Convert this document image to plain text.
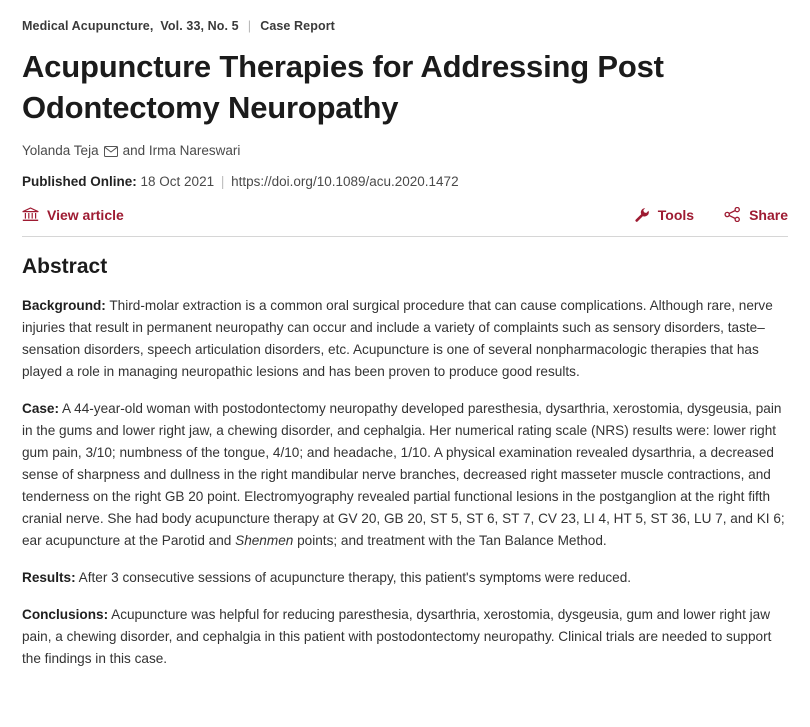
Medical Acupuncture, Vol. 33, No. 5 | Case Report
Acupuncture Therapies for Addressing Post Odontectomy Neuropathy
Yolanda Teja and Irma Nareswari
Published Online: 18 Oct 2021 | https://doi.org/10.1089/acu.2020.1472
View article	Tools	Share
Abstract

Background: Third-molar extraction is a common oral surgical procedure that can cause complications. Although rare, nerve injuries that result in permanent neuropathy can occur and include a variety of complaints such as sensory disorders, taste–sensation disorders, speech articulation disorders, etc. Acupuncture is one of several nonpharmacologic therapies that has played a role in managing neuropathic lesions and has been proven to produce good results.

Case: A 44-year-old woman with postodontectomy neuropathy developed paresthesia, dysarthria, xerostomia, dysgeusia, pain in the gums and lower right jaw, a chewing disorder, and cephalgia. Her numerical rating scale (NRS) results were: lower right gum pain, 3/10; numbness of the tongue, 4/10; and headache, 1/10. A physical examination revealed dysarthria, a decreased sense of sharpness and dullness in the right mandibular nerve branches, decreased right masseter muscle contractions, and tenderness on the right GB 20 point. Electromyography revealed partial functional lesions in the postganglion at the right fifth cranial nerve. She had body acupuncture therapy at GV 20, GB 20, ST 5, ST 6, ST 7, CV 23, LI 4, HT 5, ST 36, LU 7, and KI 6; ear acupuncture at the Parotid and Shenmen points; and treatment with the Tan Balance Method.

Results: After 3 consecutive sessions of acupuncture therapy, this patient's symptoms were reduced.

Conclusions: Acupuncture was helpful for reducing paresthesia, dysarthria, xerostomia, dysgeusia, gum and lower right jaw pain, a chewing disorder, and cephalgia in this patient with postodontectomy neuropathy. Clinical trials are needed to support the findings in this case.
